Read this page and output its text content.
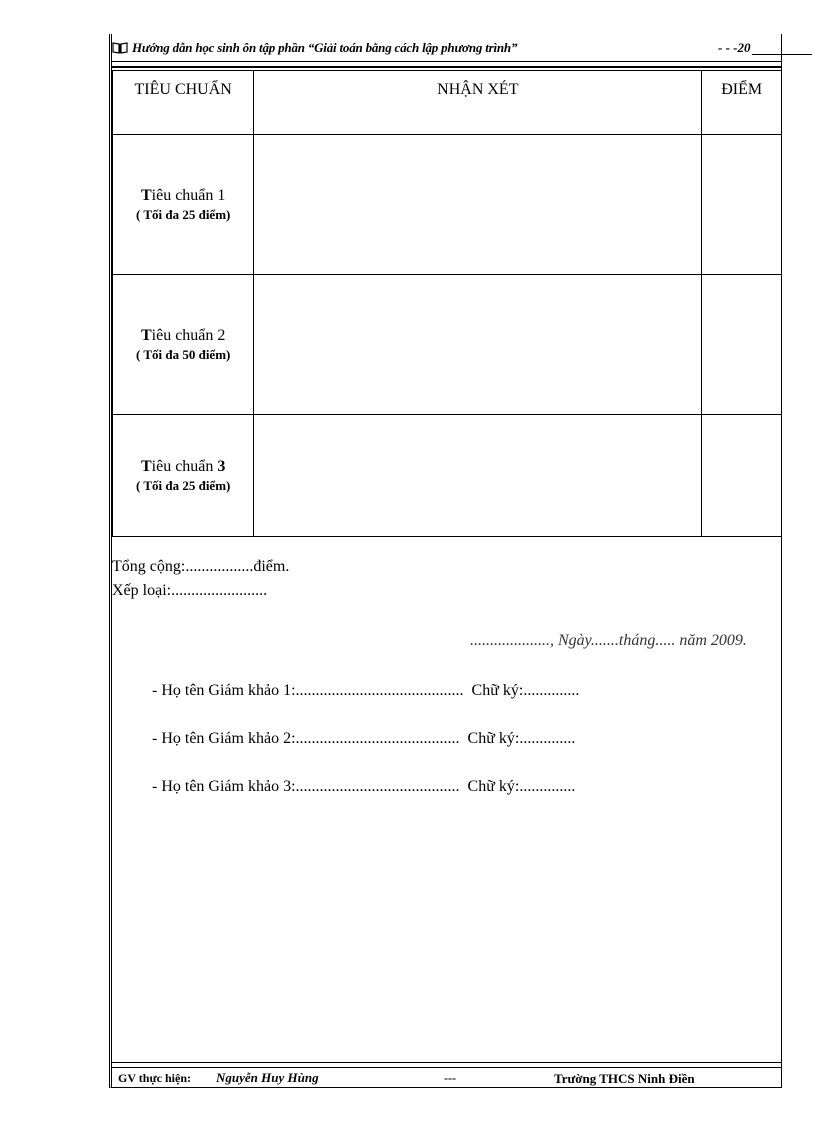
Hướng dẫn học sinh ôn tập phần “Giải toán bằng cách lập phương trình”	- - -20
TIÊU CHUẨN	NHẬN XÉT	ĐIỂM

Tiêu chuẩn 1
( Tối đa 25 điểm)		

Tiêu chuẩn 2
( Tối đa 50 điểm)		

Tiêu chuẩn 3
( Tối đa 25 điểm)		

Tổng cộng:.................điểm.
Xếp loại:........................
...................., Ngày.......tháng..... năm 2009.
- Họ tên Giám khảo 1:.......................................... Chữ ký:..............
- Họ tên Giám khảo 2:......................................... Chữ ký:..............
- Họ tên Giám khảo 3:......................................... Chữ ký:..............
GV thực hiện: Nguyễn Huy Hùng	---	Trường THCS Ninh Điền
